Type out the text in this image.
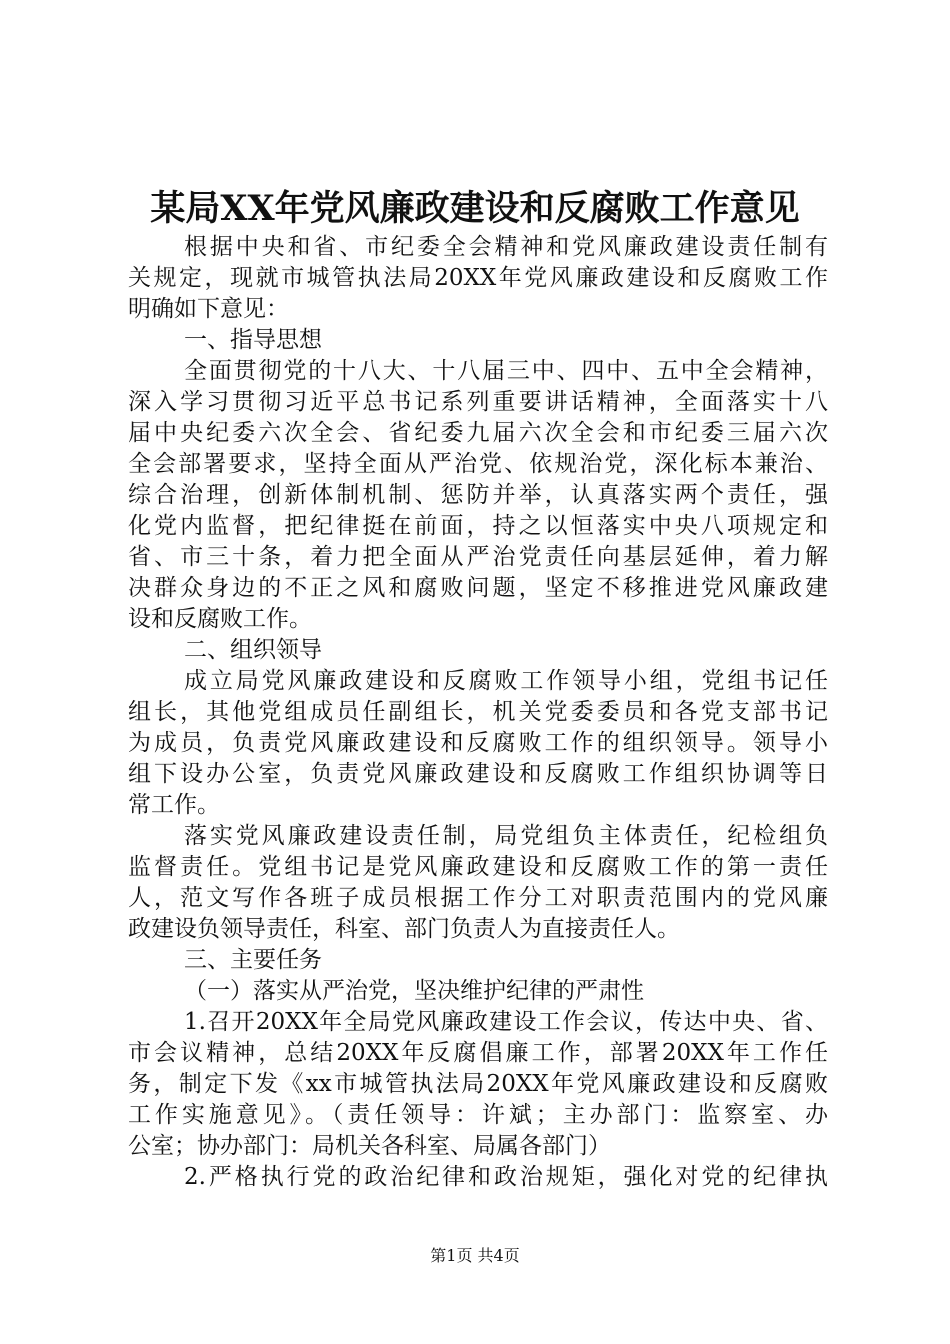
某局XX年党风廉政建设和反腐败工作意见
根据中央和省、市纪委全会精神和党风廉政建设责任制有
关规定，现就市城管执法局20XX年党风廉政建设和反腐败工作
明确如下意见：
一、指导思想
全面贯彻党的十八大、十八届三中、四中、五中全会精神，
深入学习贯彻习近平总书记系列重要讲话精神，全面落实十八
届中央纪委六次全会、省纪委九届六次全会和市纪委三届六次
全会部署要求，坚持全面从严治党、依规治党，深化标本兼治、
综合治理，创新体制机制、惩防并举，认真落实两个责任，强
化党内监督，把纪律挺在前面，持之以恒落实中央八项规定和
省、市三十条，着力把全面从严治党责任向基层延伸，着力解
决群众身边的不正之风和腐败问题，坚定不移推进党风廉政建
设和反腐败工作。
二、组织领导
成立局党风廉政建设和反腐败工作领导小组，党组书记任
组长，其他党组成员任副组长，机关党委委员和各党支部书记
为成员，负责党风廉政建设和反腐败工作的组织领导。领导小
组下设办公室，负责党风廉政建设和反腐败工作组织协调等日
常工作。
落实党风廉政建设责任制，局党组负主体责任，纪检组负
监督责任。党组书记是党风廉政建设和反腐败工作的第一责任
人，范文写作各班子成员根据工作分工对职责范围内的党风廉
政建设负领导责任，科室、部门负责人为直接责任人。
三、主要任务
（一）落实从严治党，坚决维护纪律的严肃性
1.召开20XX年全局党风廉政建设工作会议，传达中央、省、
市会议精神，总结20XX年反腐倡廉工作，部署20XX年工作任
务，制定下发《xx市城管执法局20XX年党风廉政建设和反腐败
工作实施意见》。（责任领导：许斌；主办部门：监察室、办
公室；协办部门：局机关各科室、局属各部门）
2.严格执行党的政治纪律和政治规矩，强化对党的纪律执
第1页 共4页
